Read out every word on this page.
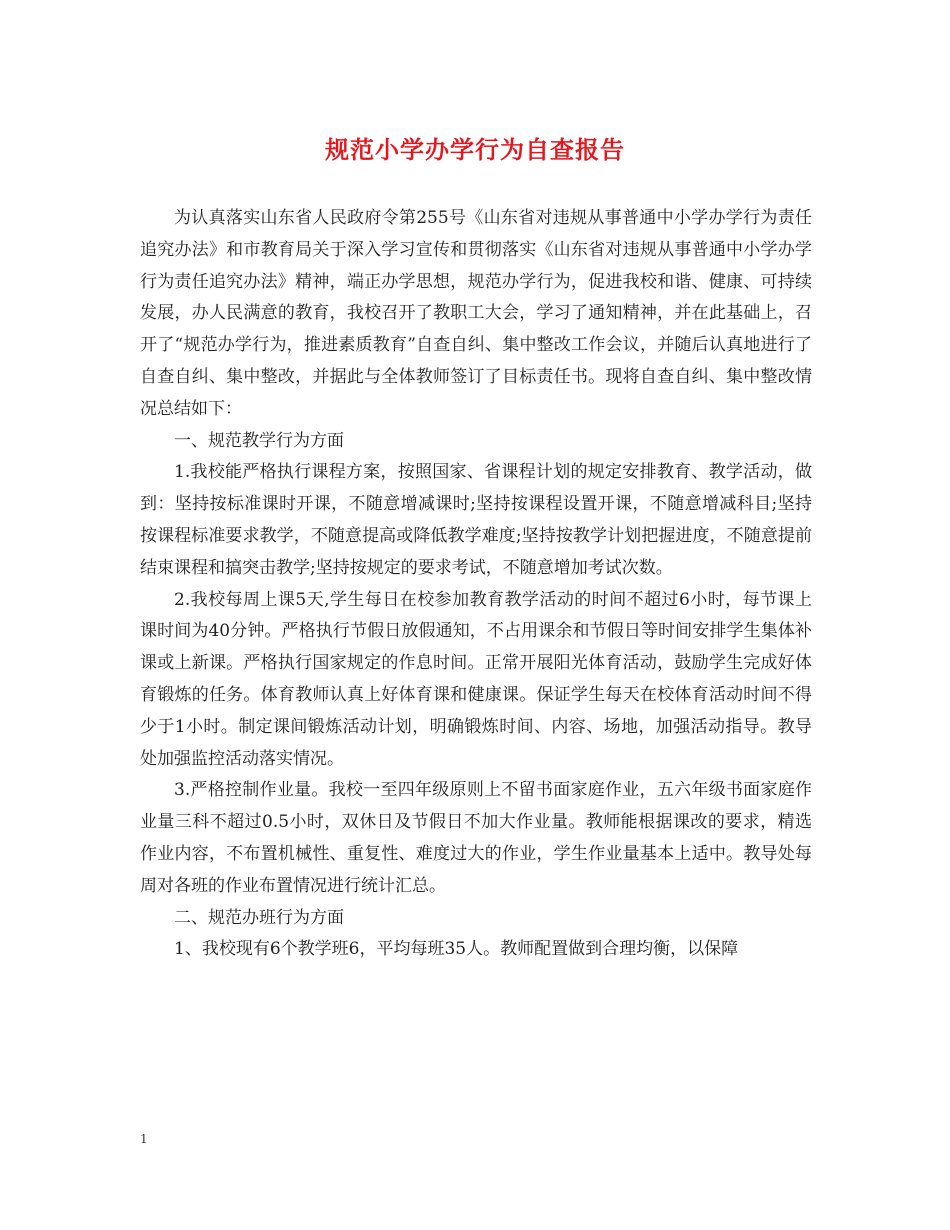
规范小学办学行为自查报告

为认真落实山东省人民政府令第255号《山东省对违规从事普通中小学办学行为责任追究办法》和市教育局关于深入学习宣传和贯彻落实《山东省对违规从事普通中小学办学行为责任追究办法》精神，端正办学思想，规范办学行为，促进我校和谐、健康、可持续发展，办人民满意的教育，我校召开了教职工大会，学习了通知精神，并在此基础上，召开了“规范办学行为，推进素质教育”自查自纠、集中整改工作会议，并随后认真地进行了自查自纠、集中整改，并据此与全体教师签订了目标责任书。现将自查自纠、集中整改情况总结如下：

一、规范教学行为方面

1.我校能严格执行课程方案，按照国家、省课程计划的规定安排教育、教学活动，做到：坚持按标准课时开课，不随意增减课时;坚持按课程设置开课，不随意增减科目;坚持按课程标准要求教学，不随意提高或降低教学难度;坚持按教学计划把握进度，不随意提前结束课程和搞突击教学;坚持按规定的要求考试，不随意增加考试次数。

2.我校每周上课5天,学生每日在校参加教育教学活动的时间不超过6小时，每节课上课时间为40分钟。严格执行节假日放假通知，不占用课余和节假日等时间安排学生集体补课或上新课。严格执行国家规定的作息时间。正常开展阳光体育活动，鼓励学生完成好体育锻炼的任务。体育教师认真上好体育课和健康课。保证学生每天在校体育活动时间不得少于1小时。制定课间锻炼活动计划，明确锻炼时间、内容、场地，加强活动指导。教导处加强监控活动落实情况。

3.严格控制作业量。我校一至四年级原则上不留书面家庭作业，五六年级书面家庭作业量三科不超过0.5小时，双休日及节假日不加大作业量。教师能根据课改的要求，精选作业内容，不布置机械性、重复性、难度过大的作业，学生作业量基本上适中。教导处每周对各班的作业布置情况进行统计汇总。

二、规范办班行为方面

1、我校现有6个教学班6，平均每班35人。教师配置做到合理均衡，以保障

1
